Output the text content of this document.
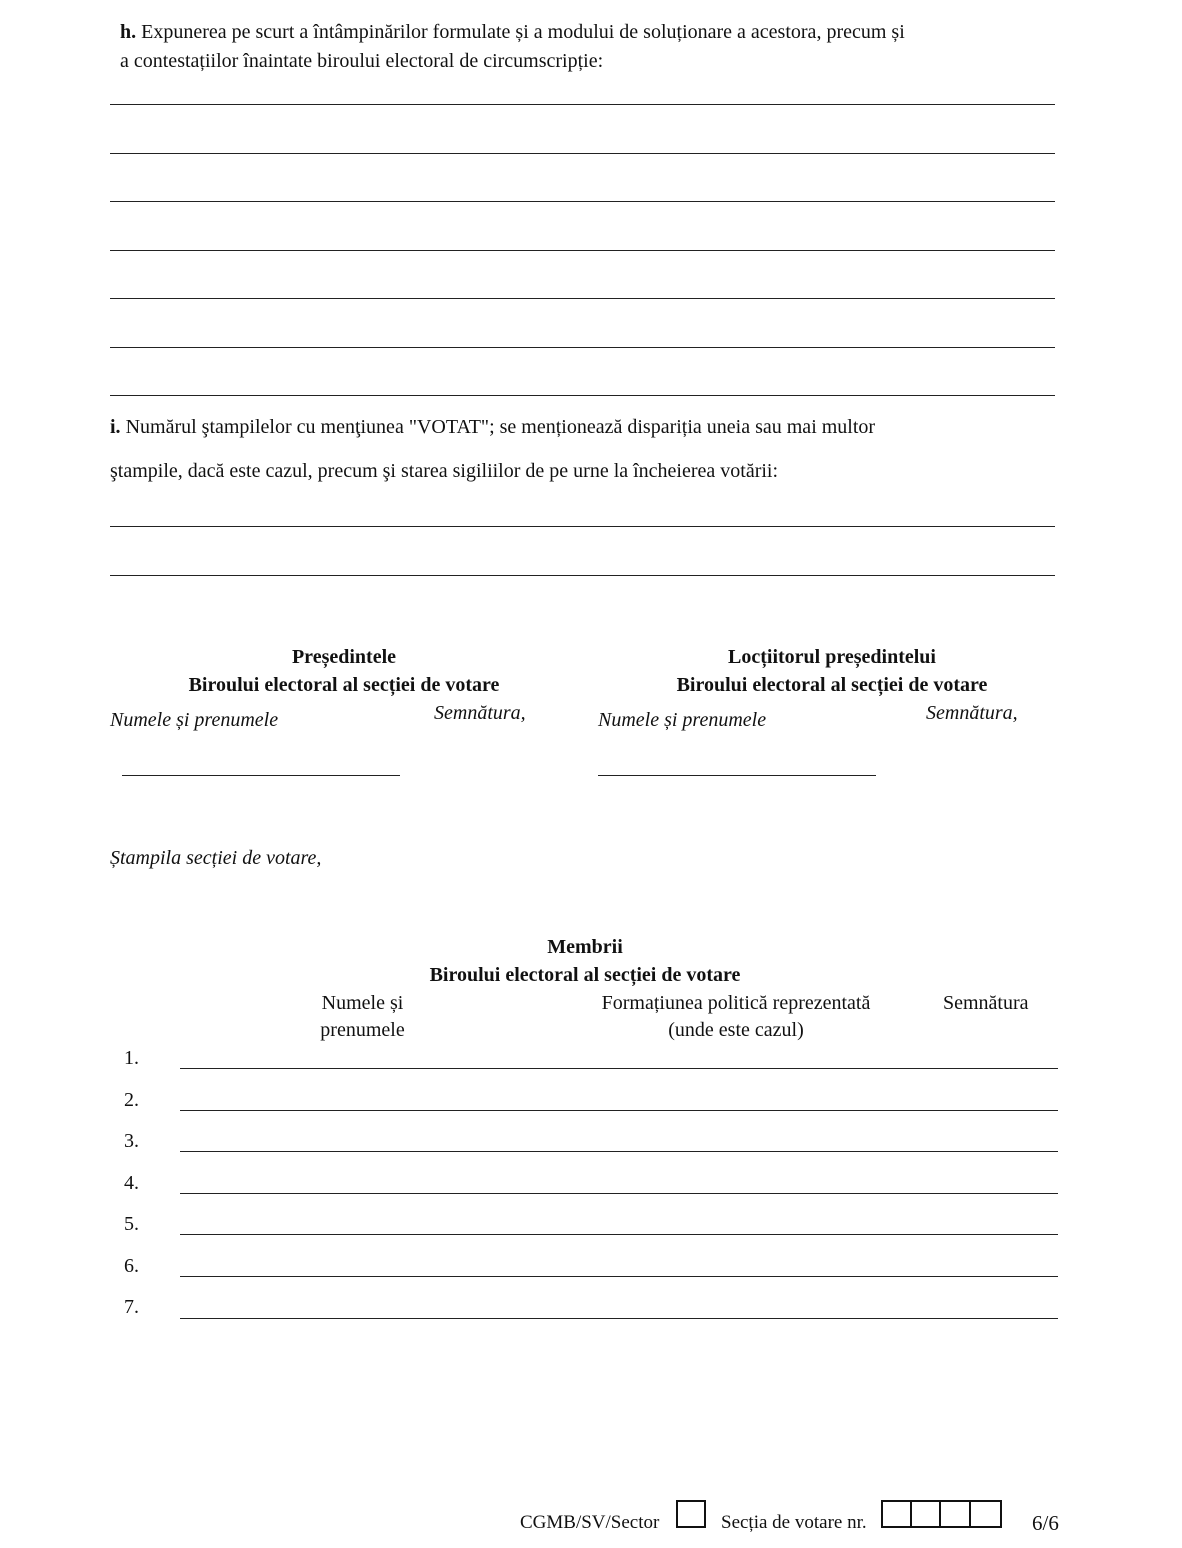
h. Expunerea pe scurt a întâmpinărilor formulate și a modului de soluționare a acestora, precum și
a contestațiilor înaintate biroului electoral de circumscripție:
i. Numărul ştampilelor cu menţiunea "VOTAT"; se menționează dispariția uneia sau mai multor
ştampile, dacă este cazul, precum şi starea sigiliilor de pe urne la încheierea votării:
Președintele
Biroului electoral al secției de votare
Numele și prenumele	Semnătura,
Locțiitorul președintelui
Biroului electoral al secției de votare
Numele și prenumele	Semnătura,
Ștampila secției de votare,
Membrii
Biroului electoral al secției de votare
Numele și
prenumele
Formațiunea politică reprezentată
(unde este cazul)
Semnătura
1.
2.
3.
4.
5.
6.
7.
CGMB/SV/Sector	Secția de votare nr.	6/6
